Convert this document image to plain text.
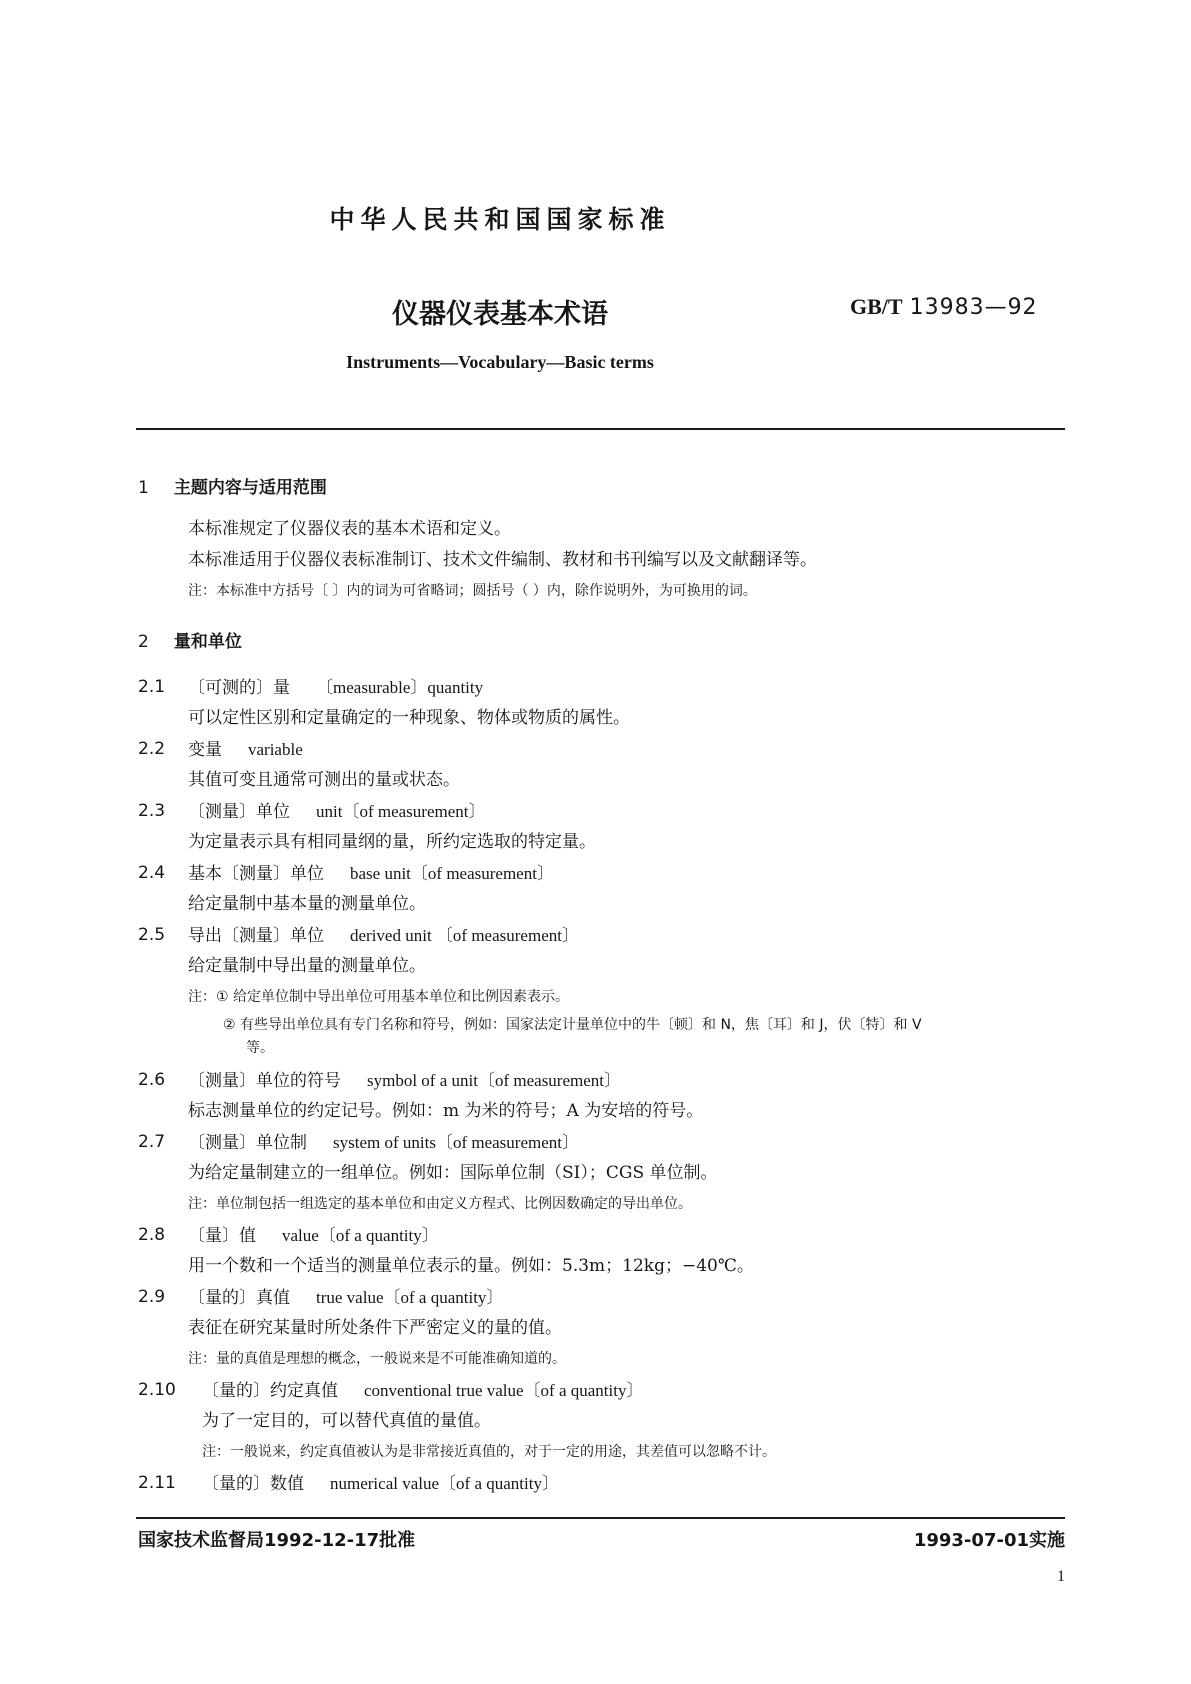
中华人民共和国国家标准
仪器仪表基本术语	GB/T 13983—92
Instruments—Vocabulary—Basic terms
1 主题内容与适用范围
本标准规定了仪器仪表的基本术语和定义。
本标准适用于仪器仪表标准制订、技术文件编制、教材和书刊编写以及文献翻译等。
注：本标准中方括号〔 〕内的词为可省略词；圆括号（ ）内，除作说明外，为可换用的词。
2 量和单位
2.1 〔可测的〕量 〔measurable〕quantity
可以定性区别和定量确定的一种现象、物体或物质的属性。
2.2 变量 variable
其值可变且通常可测出的量或状态。
2.3 〔测量〕单位 unit〔of measurement〕
为定量表示具有相同量纲的量，所约定选取的特定量。
2.4 基本〔测量〕单位 base unit〔of measurement〕
给定量制中基本量的测量单位。
2.5 导出〔测量〕单位 derived unit 〔of measurement〕
给定量制中导出量的测量单位。
注：① 给定单位制中导出单位可用基本单位和比例因素表示。
② 有些导出单位具有专门名称和符号，例如：国家法定计量单位中的牛〔顿〕和 N，焦〔耳〕和 J，伏〔特〕和 V
等。
2.6 〔测量〕单位的符号 symbol of a unit〔of measurement〕
标志测量单位的约定记号。例如：m 为米的符号；A 为安培的符号。
2.7 〔测量〕单位制 system of units〔of measurement〕
为给定量制建立的一组单位。例如：国际单位制（SI）；CGS 单位制。
注：单位制包括一组选定的基本单位和由定义方程式、比例因数确定的导出单位。
2.8 〔量〕值 value〔of a quantity〕
用一个数和一个适当的测量单位表示的量。例如：5.3m；12kg；−40℃。
2.9 〔量的〕真值 true value〔of a quantity〕
表征在研究某量时所处条件下严密定义的量的值。
注：量的真值是理想的概念，一般说来是不可能准确知道的。
2.10 〔量的〕约定真值 conventional true value〔of a quantity〕
为了一定目的，可以替代真值的量值。
注：一般说来，约定真值被认为是非常接近真值的，对于一定的用途，其差值可以忽略不计。
2.11 〔量的〕数值 numerical value〔of a quantity〕
国家技术监督局1992-12-17批准	1993-07-01实施
1
